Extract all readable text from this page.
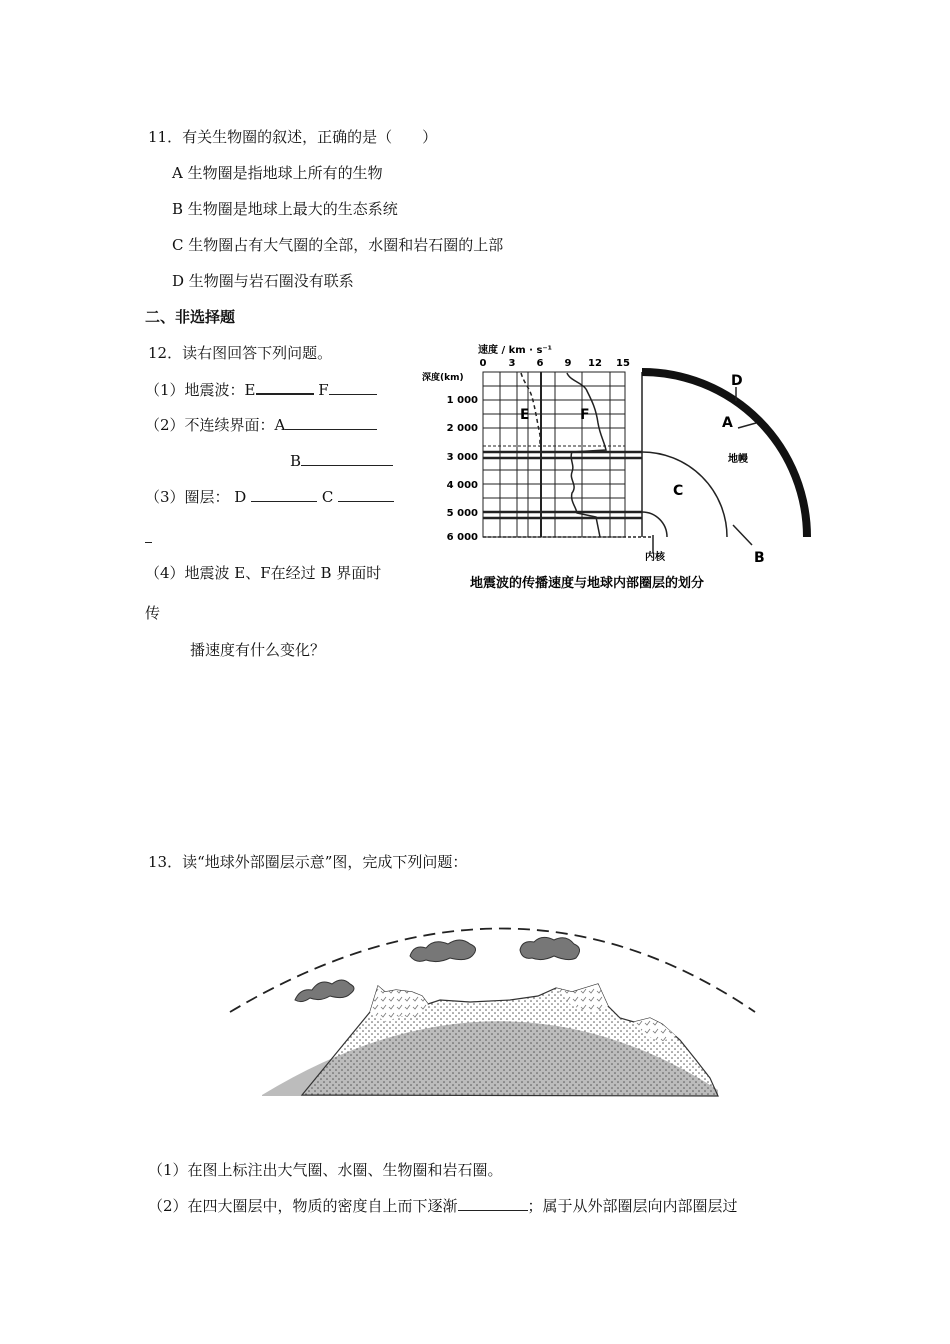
11．有关生物圈的叙述，正确的是（　　）
A 生物圈是指地球上所有的生物
B 生物圈是地球上最大的生态系统
C 生物圈占有大气圈的全部，水圈和岩石圈的上部
D 生物圈与岩石圈没有联系
二、非选择题
12．读右图回答下列问题。
（1）地震波：E	F
（2）不连续界面：A
B
（3）圈层： D	C
（4）地震波 E、F在经过 B 界面时
传
播速度有什么变化？
速度 / km · s⁻¹
0 3 6 9 12 15
深度(km)
1 000
2 000
3 000
4 000
5 000
6 000
E	F
D
A
C
B
地幔
内核
地震波的传播速度与地球内部圈层的划分
13．读“地球外部圈层示意”图，完成下列问题：
（1）在图上标注出大气圈、水圈、生物圈和岩石圈。
（2）在四大圈层中，物质的密度自上而下逐渐	；属于从外部圈层向内部圈层过
